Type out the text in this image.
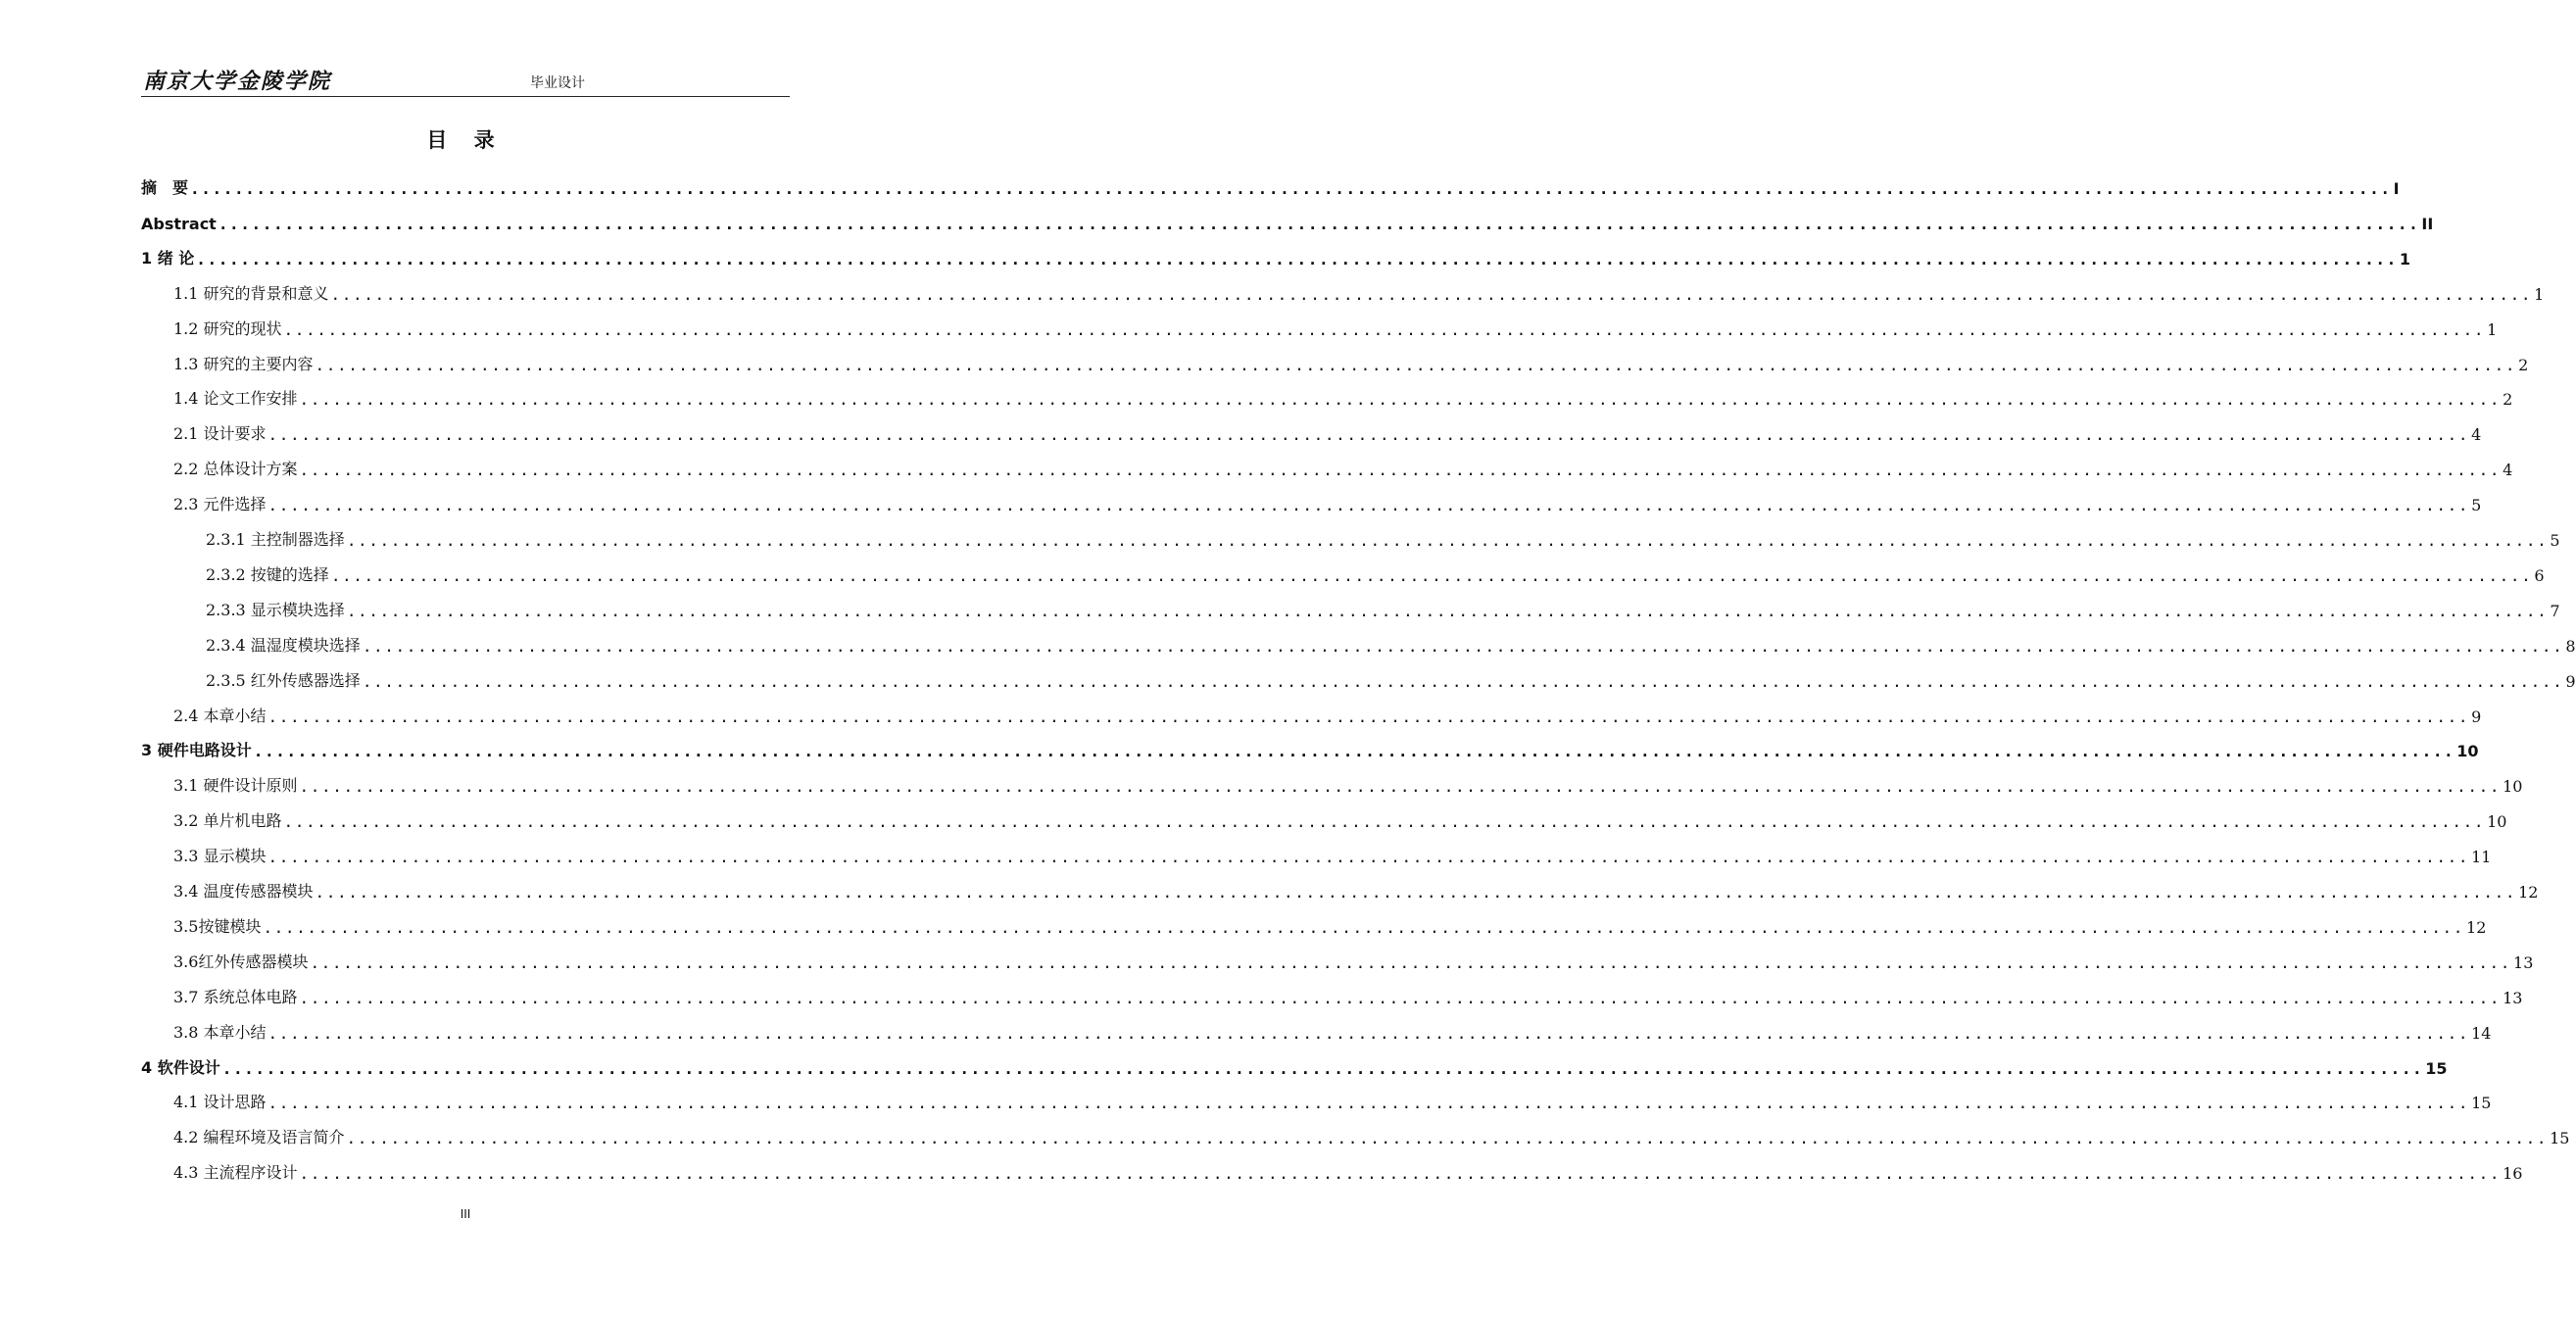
南京大学金陵学院	毕业设计
目 录
摘　要 ........................................................................................................................................................................................................ I
Abstract ........................................................................................................................................................................................................ II
1 绪 论 ........................................................................................................................................................................................................ 1
1.1 研究的背景和意义 ........................................................................................................................................................................................................ 1
1.2 研究的现状 ........................................................................................................................................................................................................ 1
1.3 研究的主要内容 ........................................................................................................................................................................................................ 2
1.4 论文工作安排 ........................................................................................................................................................................................................ 2
2.1 设计要求 ........................................................................................................................................................................................................ 4
2.2 总体设计方案 ........................................................................................................................................................................................................ 4
2.3 元件选择 ........................................................................................................................................................................................................ 5
2.3.1 主控制器选择 ........................................................................................................................................................................................................ 5
2.3.2 按键的选择 ........................................................................................................................................................................................................ 6
2.3.3 显示模块选择 ........................................................................................................................................................................................................ 7
2.3.4 温湿度模块选择 ........................................................................................................................................................................................................ 8
2.3.5 红外传感器选择 ........................................................................................................................................................................................................ 9
2.4 本章小结 ........................................................................................................................................................................................................ 9
3 硬件电路设计 ........................................................................................................................................................................................................ 10
3.1 硬件设计原则 ........................................................................................................................................................................................................ 10
3.2 单片机电路 ........................................................................................................................................................................................................ 10
3.3 显示模块 ........................................................................................................................................................................................................ 11
3.4 温度传感器模块 ........................................................................................................................................................................................................ 12
3.5按键模块 ........................................................................................................................................................................................................ 12
3.6红外传感器模块 ........................................................................................................................................................................................................ 13
3.7 系统总体电路 ........................................................................................................................................................................................................ 13
3.8 本章小结 ........................................................................................................................................................................................................ 14
4 软件设计 ........................................................................................................................................................................................................ 15
4.1 设计思路 ........................................................................................................................................................................................................ 15
4.2 编程环境及语言简介 ........................................................................................................................................................................................................ 15
4.3 主流程序设计 ........................................................................................................................................................................................................ 16
III
